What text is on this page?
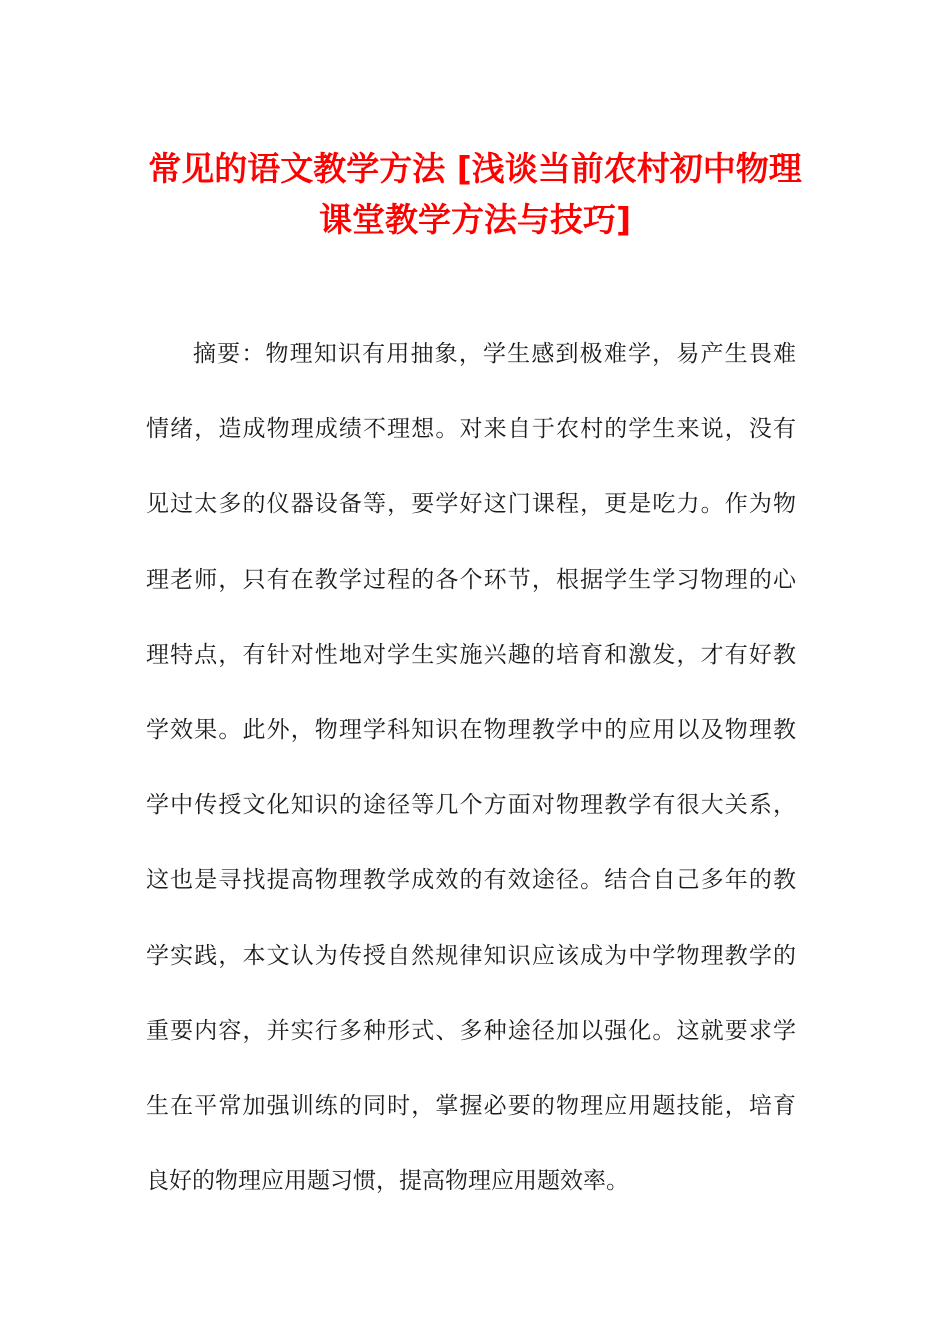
常见的语文教学方法 [浅谈当前农村初中物理
课堂教学方法与技巧]
摘要：物理知识有用抽象，学生感到极难学，易产生畏难
情绪，造成物理成绩不理想。对来自于农村的学生来说，没有
见过太多的仪器设备等，要学好这门课程，更是吃力。作为物
理老师，只有在教学过程的各个环节，根据学生学习物理的心
理特点，有针对性地对学生实施兴趣的培育和激发，才有好教
学效果。此外，物理学科知识在物理教学中的应用以及物理教
学中传授文化知识的途径等几个方面对物理教学有很大关系，
这也是寻找提高物理教学成效的有效途径。结合自己多年的教
学实践，本文认为传授自然规律知识应该成为中学物理教学的
重要内容，并实行多种形式、多种途径加以强化。这就要求学
生在平常加强训练的同时，掌握必要的物理应用题技能，培育
良好的物理应用题习惯，提高物理应用题效率。
